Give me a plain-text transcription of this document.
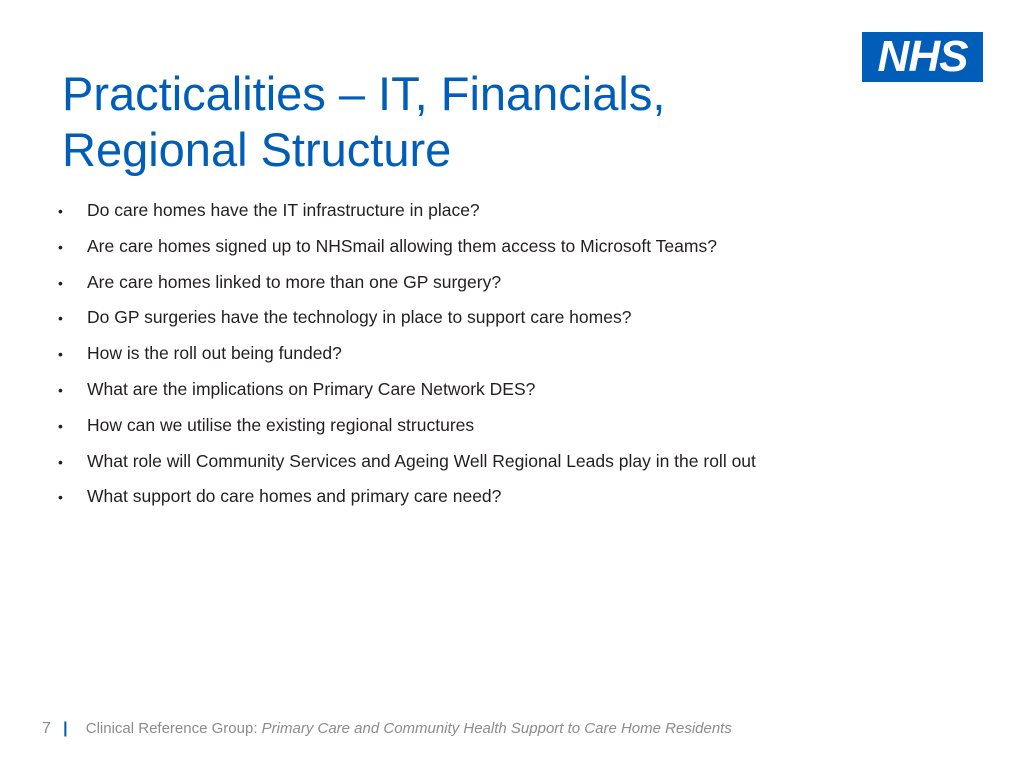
NHS
Practicalities – IT, Financials,
Regional Structure
•	Do care homes have the IT infrastructure in place?
•	Are care homes signed up to NHSmail allowing them access to Microsoft Teams?
•	Are care homes linked to more than one GP surgery?
•	Do GP surgeries have the technology in place to support care homes?
•	How is the roll out being funded?
•	What are the implications on Primary Care Network DES?
•	How can we utilise the existing regional structures
•	What role will Community Services and Ageing Well Regional Leads play in the roll out
•	What support do care homes and primary care need?
7 | Clinical Reference Group: Primary Care and Community Health Support to Care Home Residents
